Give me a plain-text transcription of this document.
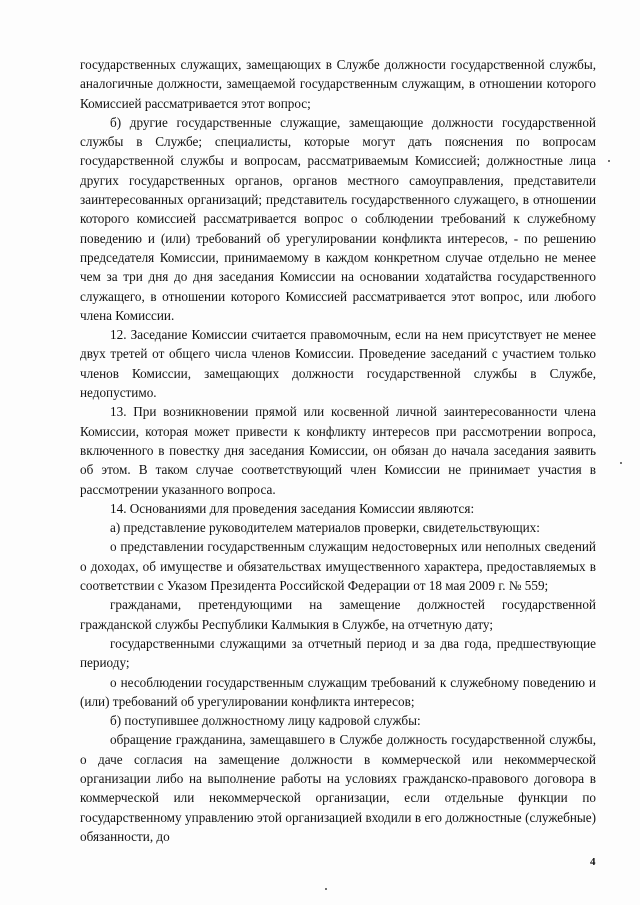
государственных служащих, замещающих в Службе должности государственной службы, аналогичные должности, замещаемой государственным служащим, в отношении которого Комиссией рассматривается этот вопрос;

б) другие государственные служащие, замещающие должности государственной службы в Службе; специалисты, которые могут дать пояснения по вопросам государственной службы и вопросам, рассматриваемым Комиссией; должностные лица других государственных органов, органов местного самоуправления, представители заинтересованных организаций; представитель государственного служащего, в отношении которого комиссией рассматривается вопрос о соблюдении требований к служебному поведению и (или) требований об урегулировании конфликта интересов, - по решению председателя Комиссии, принимаемому в каждом конкретном случае отдельно не менее чем за три дня до дня заседания Комиссии на основании ходатайства государственного служащего, в отношении которого Комиссией рассматривается этот вопрос, или любого члена Комиссии.

12. Заседание Комиссии считается правомочным, если на нем присутствует не менее двух третей от общего числа членов Комиссии. Проведение заседаний с участием только членов Комиссии, замещающих должности государственной службы в Службе, недопустимо.

13. При возникновении прямой или косвенной личной заинтересованности члена Комиссии, которая может привести к конфликту интересов при рассмотрении вопроса, включенного в повестку дня заседания Комиссии, он обязан до начала заседания заявить об этом. В таком случае соответствующий член Комиссии не принимает участия в рассмотрении указанного вопроса.

14. Основаниями для проведения заседания Комиссии являются:

а) представление руководителем материалов проверки, свидетельствующих:

о представлении государственным служащим недостоверных или неполных сведений о доходах, об имуществе и обязательствах имущественного характера, предоставляемых в соответствии с Указом Президента Российской Федерации от 18 мая 2009 г. № 559;

гражданами, претендующими на замещение должностей государственной гражданской службы Республики Калмыкия в Службе, на отчетную дату;

государственными служащими за отчетный период и за два года, предшествующие периоду;

о несоблюдении государственным служащим требований к служебному поведению и (или) требований об урегулировании конфликта интересов;

б) поступившее должностному лицу кадровой службы:

обращение гражданина, замещавшего в Службе должность государственной службы, о даче согласия на замещение должности в коммерческой или некоммерческой организации либо на выполнение работы на условиях гражданско-правового договора в коммерческой или некоммерческой организации, если отдельные функции по государственному управлению этой организацией входили в его должностные (служебные) обязанности, до

4
